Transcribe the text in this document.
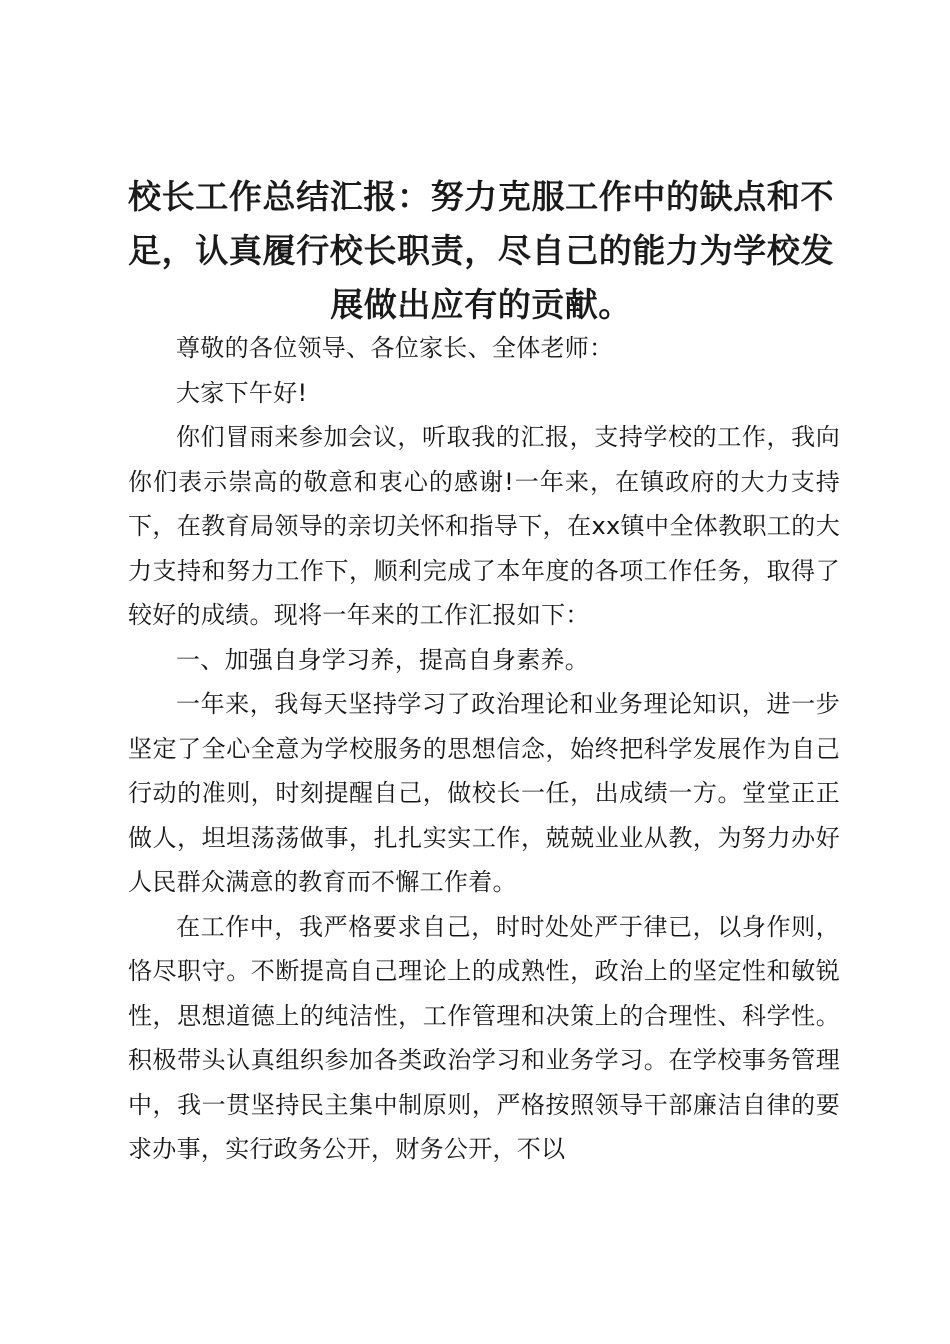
校长工作总结汇报：努力克服工作中的缺点和不足，认真履行校长职责，尽自己的能力为学校发展做出应有的贡献。

尊敬的各位领导、各位家长、全体老师：

大家下午好!

你们冒雨来参加会议，听取我的汇报，支持学校的工作，我向你们表示崇高的敬意和衷心的感谢!一年来，在镇政府的大力支持下，在教育局领导的亲切关怀和指导下，在xx镇中全体教职工的大力支持和努力工作下，顺利完成了本年度的各项工作任务，取得了较好的成绩。现将一年来的工作汇报如下：

一、加强自身学习养，提高自身素养。

一年来，我每天坚持学习了政治理论和业务理论知识，进一步坚定了全心全意为学校服务的思想信念，始终把科学发展作为自己行动的准则，时刻提醒自己，做校长一任，出成绩一方。堂堂正正做人，坦坦荡荡做事，扎扎实实工作，兢兢业业从教，为努力办好人民群众满意的教育而不懈工作着。

在工作中，我严格要求自己，时时处处严于律已，以身作则，恪尽职守。不断提高自己理论上的成熟性，政治上的坚定性和敏锐性，思想道德上的纯洁性，工作管理和决策上的合理性、科学性。积极带头认真组织参加各类政治学习和业务学习。在学校事务管理中，我一贯坚持民主集中制原则，严格按照领导干部廉洁自律的要求办事，实行政务公开，财务公开，不以
